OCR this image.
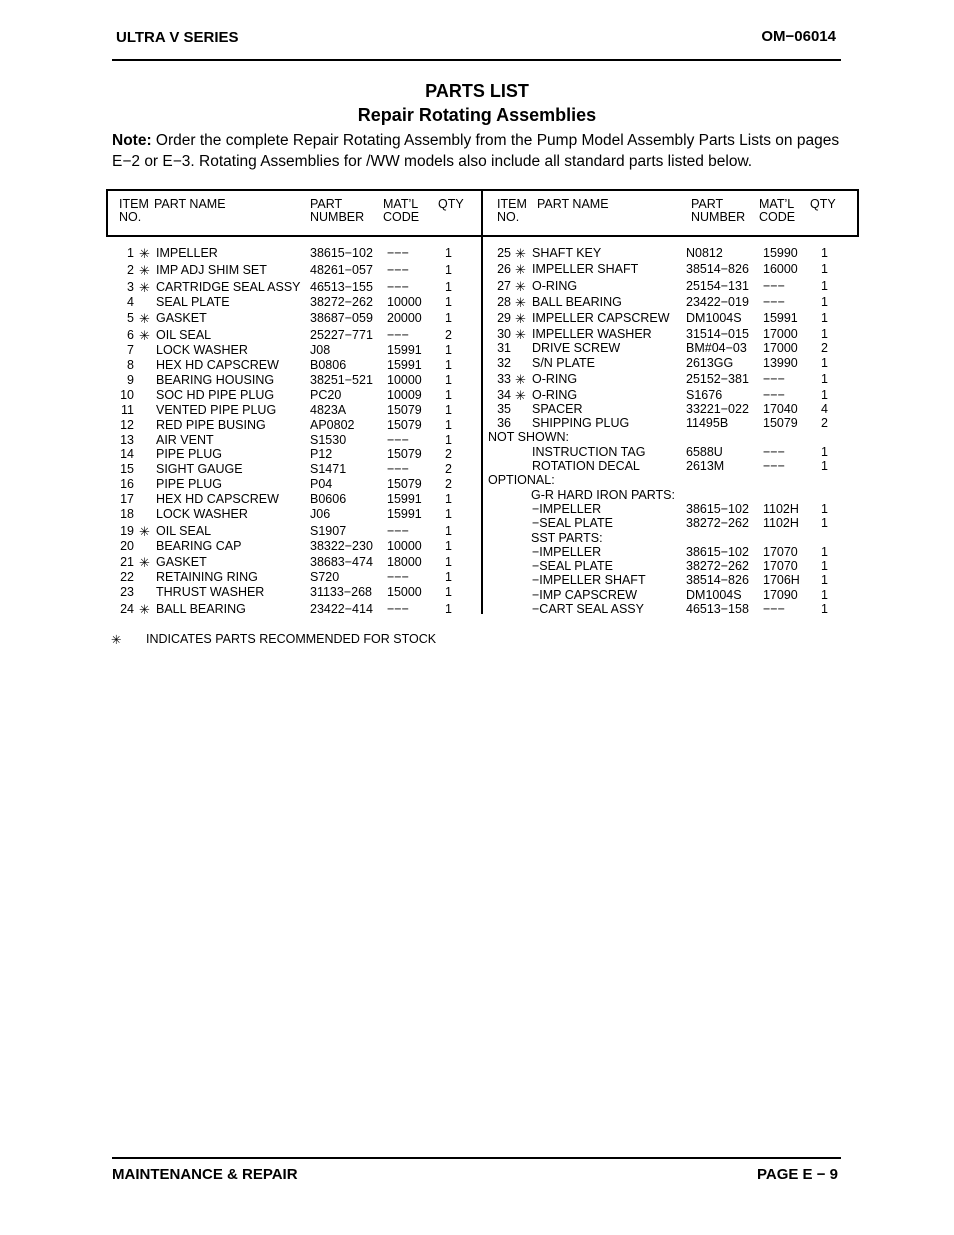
ULTRA V SERIES	OM−06014
PARTS LIST
Repair Rotating Assemblies
Note: Order the complete Repair Rotating Assembly from the Pump Model Assembly Parts Lists on pages E−2 or E−3. Rotating Assemblies for /WW models also include all standard parts listed below.
ITEM
NO.
PART NAME	PART
NUMBER
MAT’L
CODE
QTY	ITEM
NO.
PART NAME	PART
NUMBER
MAT’L
CODE
QTY
1 ✳ IMPELLER	38615−102 −−−	1
2 ✳ IMP ADJ SHIM SET	48261−057 −−−	1
3 ✳ CARTRIDGE SEAL ASSY 46513−155 −−−	1
4 SEAL PLATE	38272−262 10000 1
5 ✳ GASKET	38687−059 20000 1
6 ✳ OIL SEAL	25227−771 −−−	2
7 LOCK WASHER	J08	15991 1
8 HEX HD CAPSCREW B0806	15991 1
9 BEARING HOUSING	38251−521 10000 1
10 SOC HD PIPE PLUG	PC20	10009 1
11 VENTED PIPE PLUG	4823A	15079 1
12 RED PIPE BUSING	AP0802	15079 1
13 AIR VENT	S1530	−−−	1
14 PIPE PLUG	P12	15079 2
15 SIGHT GAUGE	S1471	−−−	2
16 PIPE PLUG	P04	15079 2
17 HEX HD CAPSCREW B0606	15991 1
18 LOCK WASHER	J06	15991 1
19 ✳ OIL SEAL	S1907	−−−	1
20 BEARING CAP	38322−230 10000 1
21 ✳ GASKET	38683−474 18000 1
22 RETAINING RING	S720	−−−	1
23 THRUST WASHER	31133−268 15000 1
24 ✳ BALL BEARING	23422−414 −−−	1
25 ✳ SHAFT KEY	N0812	15990 1
26 ✳ IMPELLER SHAFT	38514−826 16000 1
27 ✳ O-RING	25154−131 −−−	1
28 ✳ BALL BEARING	23422−019 −−−	1
29 ✳ IMPELLER CAPSCREW DM1004S 15991 1
30 ✳ IMPELLER WASHER	31514−015 17000 1
31 DRIVE SCREW	BM#04−03 17000 2
32 S/N PLATE	2613GG 13990 1
33 ✳ O-RING	25152−381 −−−	1
34 ✳ O-RING	S1676	−−−	1
35 SPACER	33221−022 17040 4
36 SHIPPING PLUG	11495B	15079 2
NOT SHOWN:
INSTRUCTION TAG	6588U	−−−	1
ROTATION DECAL	2613M	−−−	1
OPTIONAL:
G-R HARD IRON PARTS:
−IMPELLER	38615−102 1102H 1
−SEAL PLATE	38272−262 1102H 1
SST PARTS:
−IMPELLER	38615−102 17070 1
−SEAL PLATE	38272−262 17070 1
−IMPELLER SHAFT	38514−826 1706H 1
−IMP CAPSCREW	DM1004S 17090 1
−CART SEAL ASSY	46513−158 −−−	1
✳ INDICATES PARTS RECOMMENDED FOR STOCK
MAINTENANCE & REPAIR	PAGE E − 9
